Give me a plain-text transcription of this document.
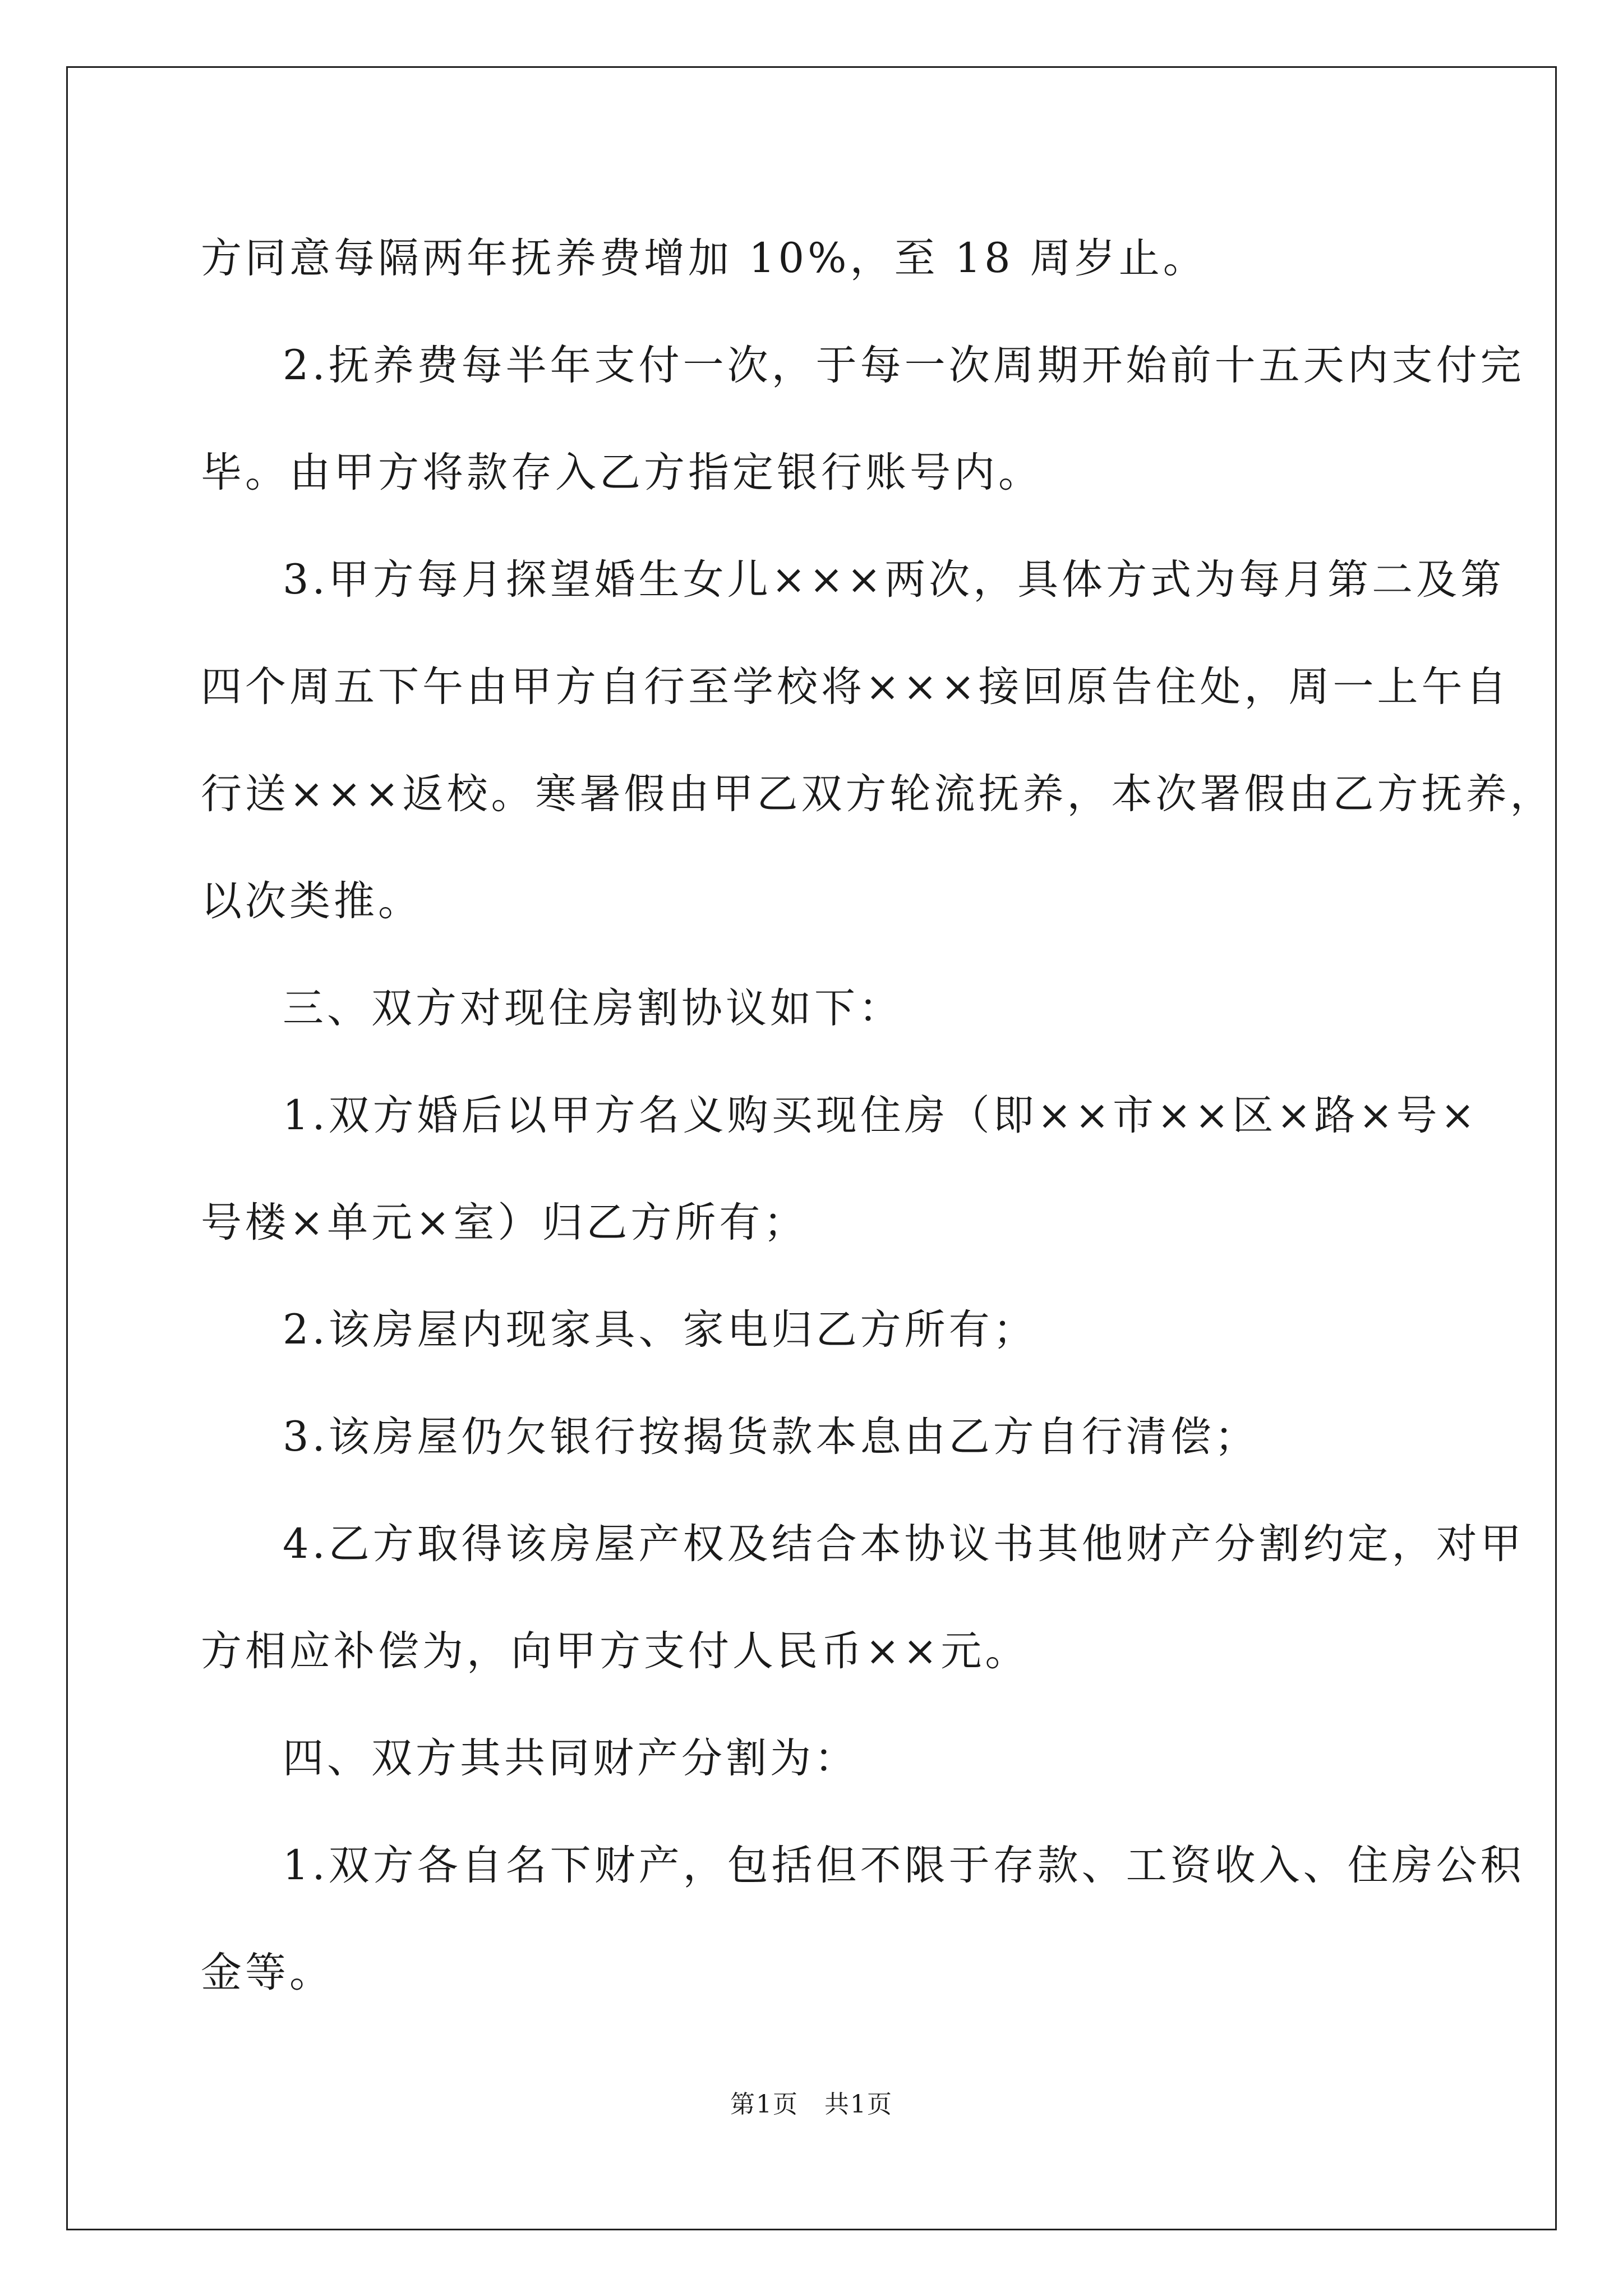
方同意每隔两年抚养费增加 10%，至 18 周岁止。

2.抚养费每半年支付一次，于每一次周期开始前十五天内支付完

毕。由甲方将款存入乙方指定银行账号内。

3.甲方每月探望婚生女儿×××两次，具体方式为每月第二及第

四个周五下午由甲方自行至学校将×××接回原告住处，周一上午自

行送×××返校。寒暑假由甲乙双方轮流抚养，本次署假由乙方抚养，

以次类推。

三、双方对现住房割协议如下：

1.双方婚后以甲方名义购买现住房（即××市××区×路×号×

号楼×单元×室）归乙方所有；

2.该房屋内现家具、家电归乙方所有；

3.该房屋仍欠银行按揭货款本息由乙方自行清偿；

4.乙方取得该房屋产权及结合本协议书其他财产分割约定，对甲

方相应补偿为，向甲方支付人民币××元。

四、双方其共同财产分割为：

1.双方各自名下财产，包括但不限于存款、工资收入、住房公积

金等。

第1页　共1页
